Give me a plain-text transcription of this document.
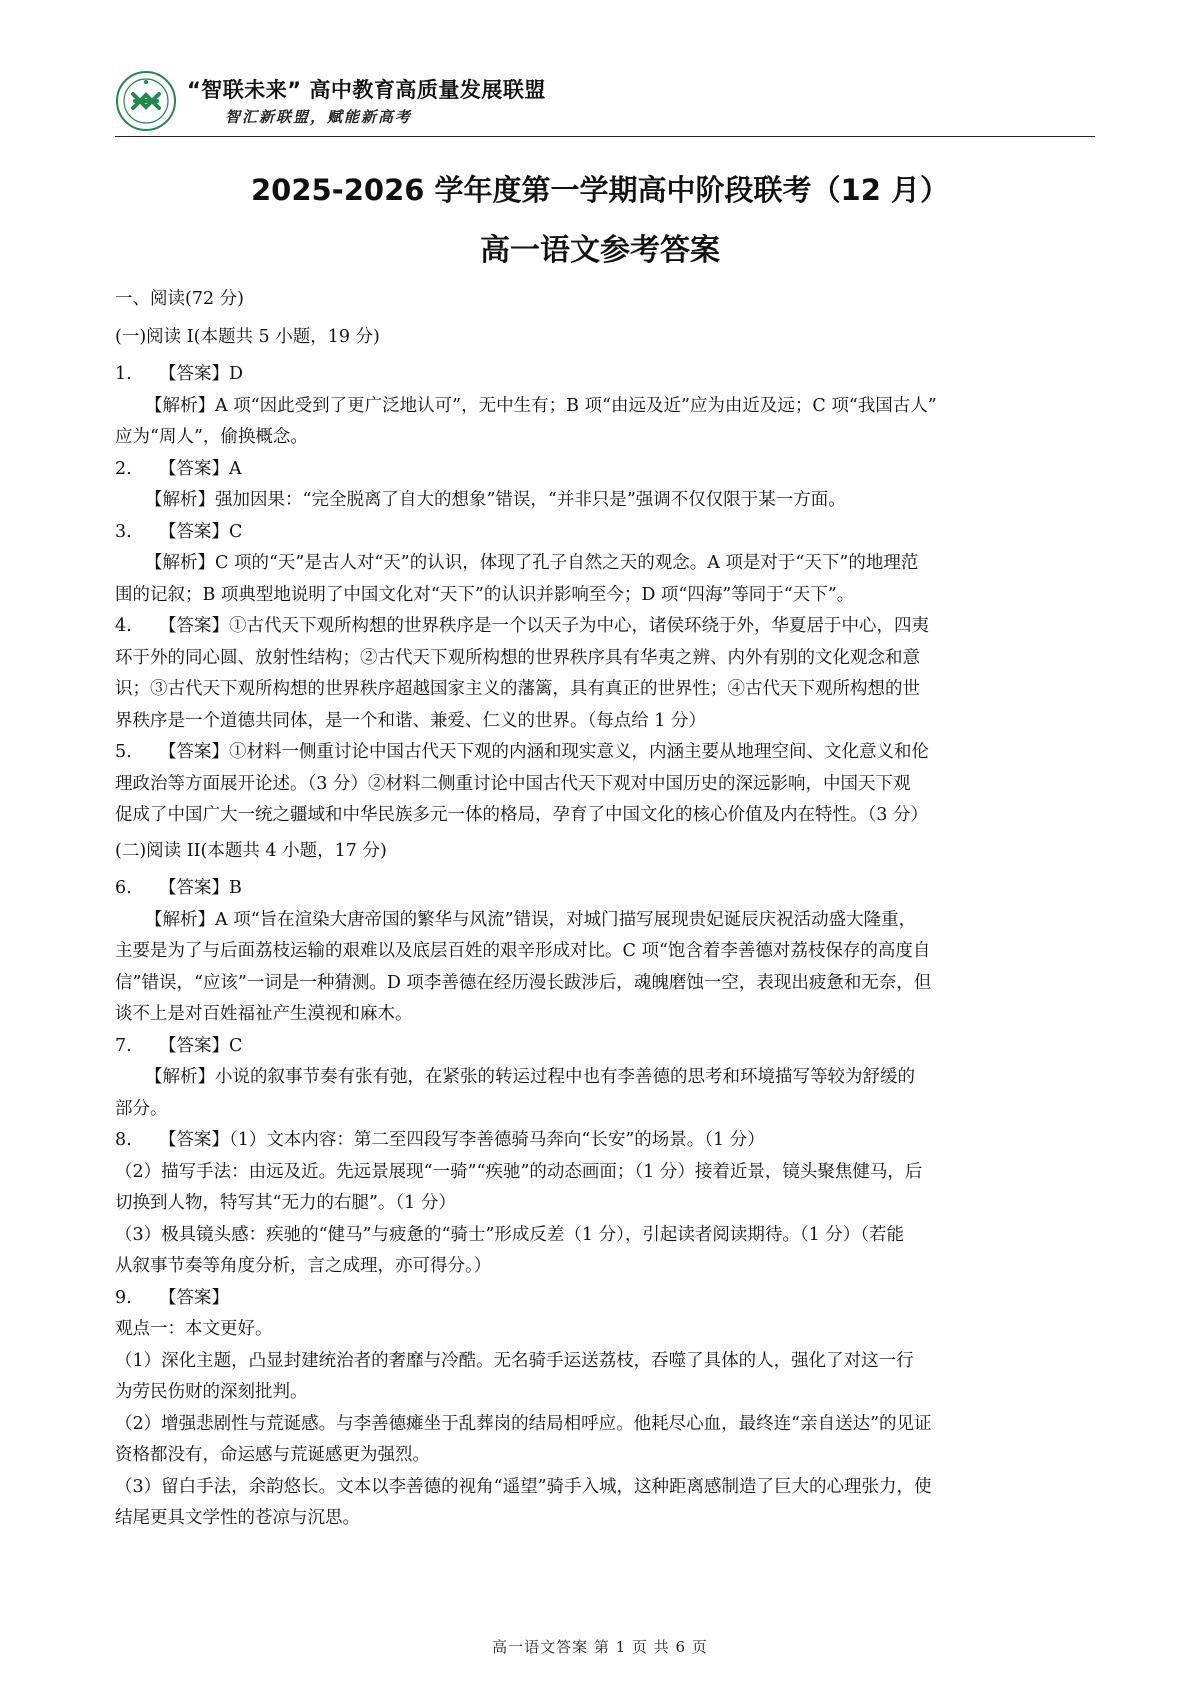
“智联未来” 高中教育高质量发展联盟
智汇新联盟，赋能新高考
2025-2026 学年度第一学期高中阶段联考（12 月）
高一语文参考答案
一、阅读(72 分)
(一)阅读 I(本题共 5 小题，19 分)
1. 【答案】D
【解析】A 项“因此受到了更广泛地认可”，无中生有；B 项“由远及近”应为由近及远；C 项“我国古人”
应为“周人”，偷换概念。
2. 【答案】A
【解析】强加因果：“完全脱离了自大的想象”错误，“并非只是”强调不仅仅限于某一方面。
3. 【答案】C
【解析】C 项的“天”是古人对“天”的认识，体现了孔子自然之天的观念。A 项是对于“天下”的地理范
围的记叙；B 项典型地说明了中国文化对“天下”的认识并影响至今；D 项“四海”等同于“天下”。
4. 【答案】①古代天下观所构想的世界秩序是一个以天子为中心，诸侯环绕于外，华夏居于中心，四夷
环于外的同心圆、放射性结构；②古代天下观所构想的世界秩序具有华夷之辨、内外有别的文化观念和意
识；③古代天下观所构想的世界秩序超越国家主义的藩篱，具有真正的世界性；④古代天下观所构想的世
界秩序是一个道德共同体，是一个和谐、兼爱、仁义的世界。（每点给 1 分）
5. 【答案】①材料一侧重讨论中国古代天下观的内涵和现实意义，内涵主要从地理空间、文化意义和伦
理政治等方面展开论述。（3 分）②材料二侧重讨论中国古代天下观对中国历史的深远影响，中国天下观
促成了中国广大一统之疆域和中华民族多元一体的格局，孕育了中国文化的核心价值及内在特性。（3 分）
(二)阅读 II(本题共 4 小题，17 分)
6. 【答案】B
【解析】A 项“旨在渲染大唐帝国的繁华与风流”错误，对城门描写展现贵妃诞辰庆祝活动盛大隆重，
主要是为了与后面荔枝运输的艰难以及底层百姓的艰辛形成对比。C 项“饱含着李善德对荔枝保存的高度自
信”错误，“应该”一词是一种猜测。D 项李善德在经历漫长跋涉后，魂魄磨蚀一空，表现出疲惫和无奈，但
谈不上是对百姓福祉产生漠视和麻木。
7. 【答案】C
【解析】小说的叙事节奏有张有弛，在紧张的转运过程中也有李善德的思考和环境描写等较为舒缓的
部分。
8. 【答案】（1）文本内容：第二至四段写李善德骑马奔向“长安”的场景。（1 分）
（2）描写手法：由远及近。先远景展现“一骑”“疾驰”的动态画面；（1 分）接着近景，镜头聚焦健马，后
切换到人物，特写其“无力的右腿”。（1 分）
（3）极具镜头感：疾驰的“健马”与疲惫的“骑士”形成反差（1 分），引起读者阅读期待。（1 分）（若能
从叙事节奏等角度分析，言之成理，亦可得分。）
9. 【答案】
观点一：本文更好。
（1）深化主题，凸显封建统治者的奢靡与冷酷。无名骑手运送荔枝，吞噬了具体的人，强化了对这一行
为劳民伤财的深刻批判。
（2）增强悲剧性与荒诞感。与李善德瘫坐于乱葬岗的结局相呼应。他耗尽心血，最终连“亲自送达”的见证
资格都没有，命运感与荒诞感更为强烈。
（3）留白手法，余韵悠长。文本以李善德的视角“遥望”骑手入城，这种距离感制造了巨大的心理张力，使
结尾更具文学性的苍凉与沉思。
高一语文答案 第 1 页 共 6 页
